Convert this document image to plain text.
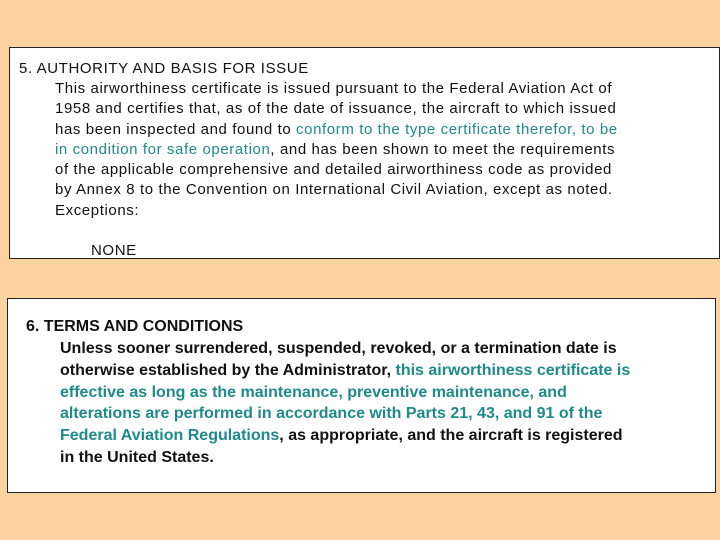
5. AUTHORITY AND BASIS FOR ISSUE
This airworthiness certificate is issued pursuant to the Federal Aviation Act of
1958 and certifies that, as of the date of issuance, the aircraft to which issued
has been inspected and found to conform to the type certificate therefor, to be
in condition for safe operation, and has been shown to meet the requirements
of the applicable comprehensive and detailed airworthiness code as provided
by Annex 8 to the Convention on International Civil Aviation, except as noted.
Exceptions:
NONE
6. TERMS AND CONDITIONS
Unless sooner surrendered, suspended, revoked, or a termination date is
otherwise established by the Administrator, this airworthiness certificate is
effective as long as the maintenance, preventive maintenance, and
alterations are performed in accordance with Parts 21, 43, and 91 of the
Federal Aviation Regulations, as appropriate, and the aircraft is registered
in the United States.
